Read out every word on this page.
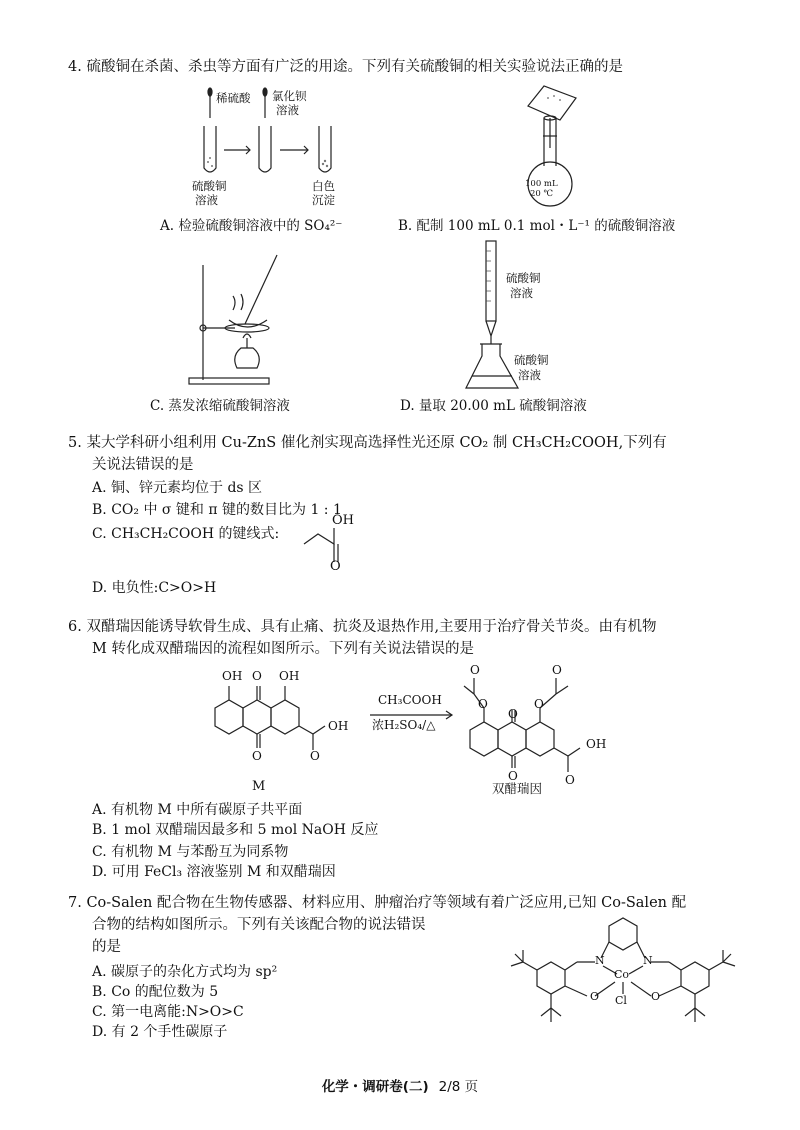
4. 硫酸铜在杀菌、杀虫等方面有广泛的用途。下列有关硫酸铜的相关实验说法正确的是
稀硫酸 氯化钡
溶液
硫酸铜
溶液
白色
沉淀
A. 检验硫酸铜溶液中的 SO₄²⁻
100 mL
20 ℃
B. 配制 100 mL 0.1 mol・L⁻¹ 的硫酸铜溶液
C. 蒸发浓缩硫酸铜溶液
硫酸铜
溶液
硫酸铜
溶液
D. 量取 20.00 mL 硫酸铜溶液
5. 某大学科研小组利用 Cu-ZnS 催化剂实现高选择性光还原 CO₂ 制 CH₃CH₂COOH,下列有
关说法错误的是
A. 铜、锌元素均位于 ds 区
B. CO₂ 中 σ 键和 π 键的数目比为 1 : 1
C. CH₃CH₂COOH 的键线式:
OH
O
D. 电负性:C>O>H
6. 双醋瑞因能诱导软骨生成、具有止痛、抗炎及退热作用,主要用于治疗骨关节炎。由有机物
M 转化成双醋瑞因的流程如图所示。下列有关说法错误的是
OH O OH
O
OH
O
M
CH₃COOH
浓H₂SO₄/△
O
O
O
O
O
O
OH
O
双醋瑞因
A. 有机物 M 中所有碳原子共平面
B. 1 mol 双醋瑞因最多和 5 mol NaOH 反应
C. 有机物 M 与苯酚互为同系物
D. 可用 FeCl₃ 溶液鉴别 M 和双醋瑞因
7. Co-Salen 配合物在生物传感器、材料应用、肿瘤治疗等领域有着广泛应用,已知 Co-Salen 配
合物的结构如图所示。下列有关该配合物的说法错误
的是
A. 碳原子的杂化方式均为 sp²
B. Co 的配位数为 5
C. 第一电离能:N>O>C
D. 有 2 个手性碳原子
N	N
Co
O	O
Cl
化学・调研卷(二) 2/8 页
